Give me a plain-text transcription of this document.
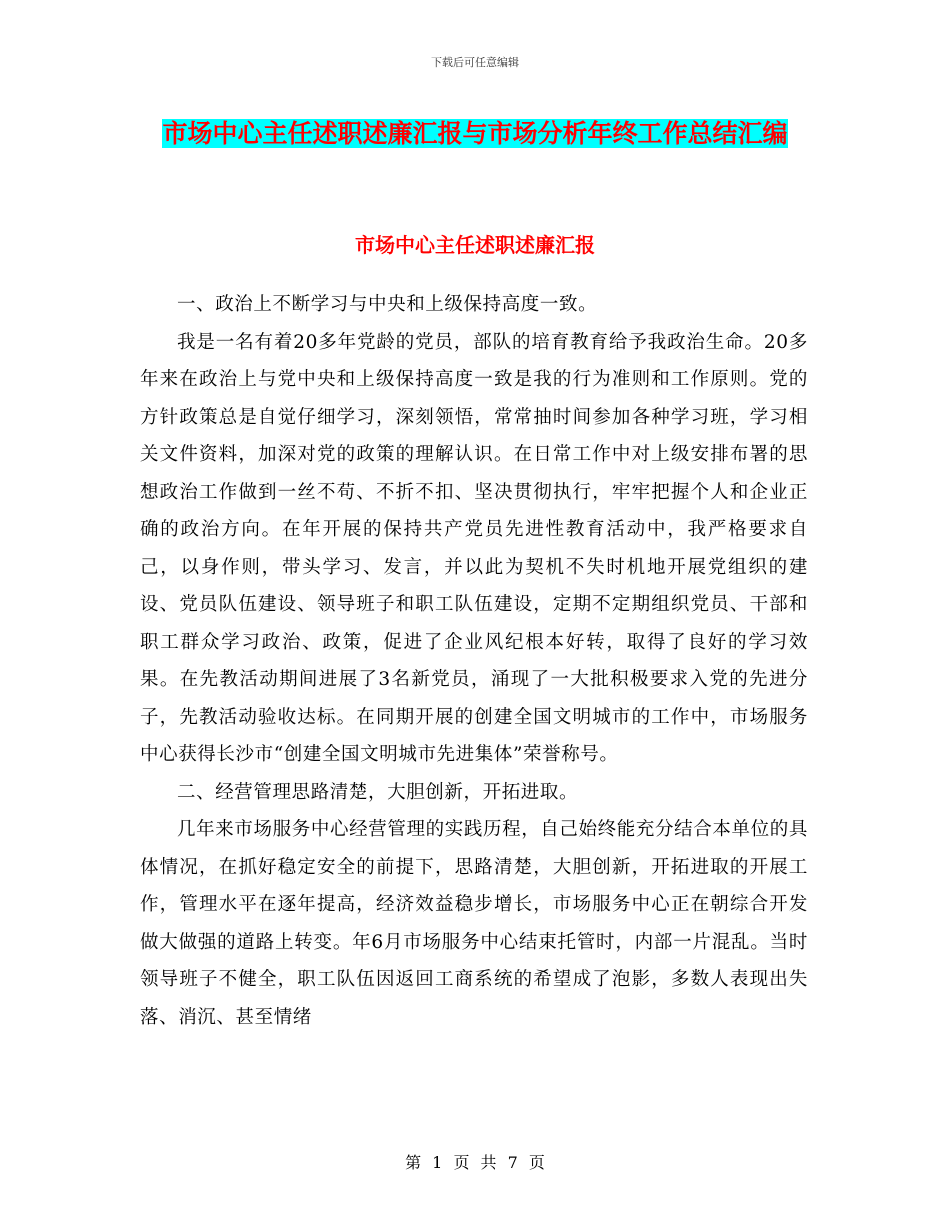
下载后可任意编辑
市场中心主任述职述廉汇报与市场分析年终工作总结汇编
市场中心主任述职述廉汇报

一、政治上不断学习与中央和上级保持高度一致。

我是一名有着20多年党龄的党员，部队的培育教育给予我政治生命。20多年来在政治上与党中央和上级保持高度一致是我的行为准则和工作原则。党的方针政策总是自觉仔细学习，深刻领悟，常常抽时间参加各种学习班，学习相关文件资料，加深对党的政策的理解认识。在日常工作中对上级安排布署的思想政治工作做到一丝不苟、不折不扣、坚决贯彻执行，牢牢把握个人和企业正确的政治方向。在年开展的保持共产党员先进性教育活动中，我严格要求自己，以身作则，带头学习、发言，并以此为契机不失时机地开展党组织的建设、党员队伍建设、领导班子和职工队伍建设，定期不定期组织党员、干部和职工群众学习政治、政策，促进了企业风纪根本好转，取得了良好的学习效果。在先教活动期间进展了3名新党员，涌现了一大批积极要求入党的先进分子，先教活动验收达标。在同期开展的创建全国文明城市的工作中，市场服务中心获得长沙市“创建全国文明城市先进集体”荣誉称号。

二、经营管理思路清楚，大胆创新，开拓进取。

几年来市场服务中心经营管理的实践历程，自己始终能充分结合本单位的具体情况，在抓好稳定安全的前提下，思路清楚，大胆创新，开拓进取的开展工作，管理水平在逐年提高，经济效益稳步增长，市场服务中心正在朝综合开发做大做强的道路上转变。年6月市场服务中心结束托管时，内部一片混乱。当时领导班子不健全，职工队伍因返回工商系统的希望成了泡影，多数人表现出失落、消沉、甚至情绪

第 1 页 共 7 页
